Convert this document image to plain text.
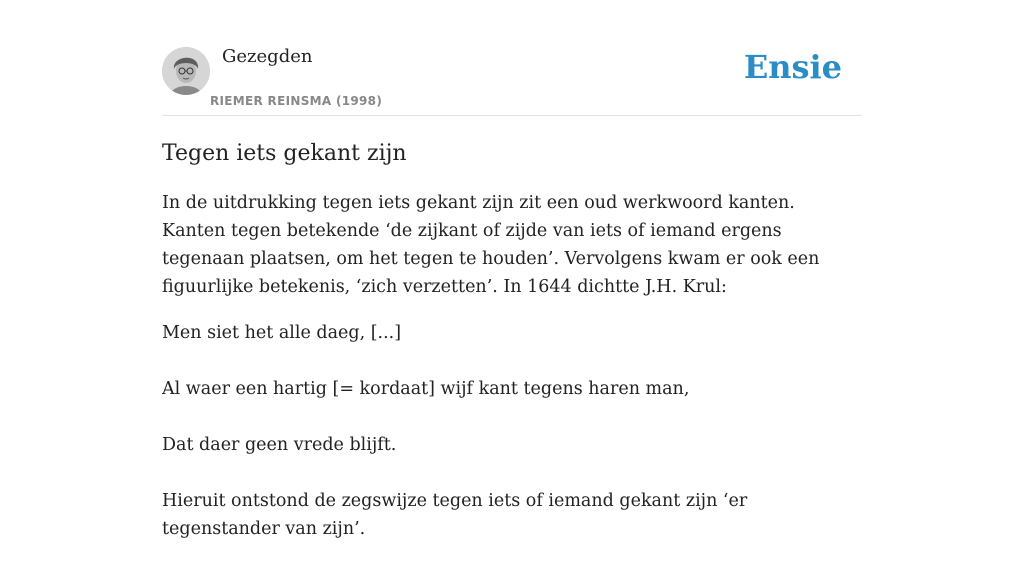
Gezegden
RIEMER REINSMA (1998)
Ensie
Tegen iets gekant zijn

In de uitdrukking tegen iets gekant zijn zit een oud werkwoord kanten. Kanten tegen betekende ‘de zijkant of zijde van iets of iemand ergens tegenaan plaatsen, om het tegen te houden’. Vervolgens kwam er ook een figuurlijke betekenis, ‘zich verzetten’. In 1644 dichtte J.H. Krul:

Men siet het alle daeg, [...]

Al waer een hartig [= kordaat] wijf kant tegens haren man,

Dat daer geen vrede blijft.

Hieruit ontstond de zegswijze tegen iets of iemand gekant zijn ‘er tegenstander van zijn’.
